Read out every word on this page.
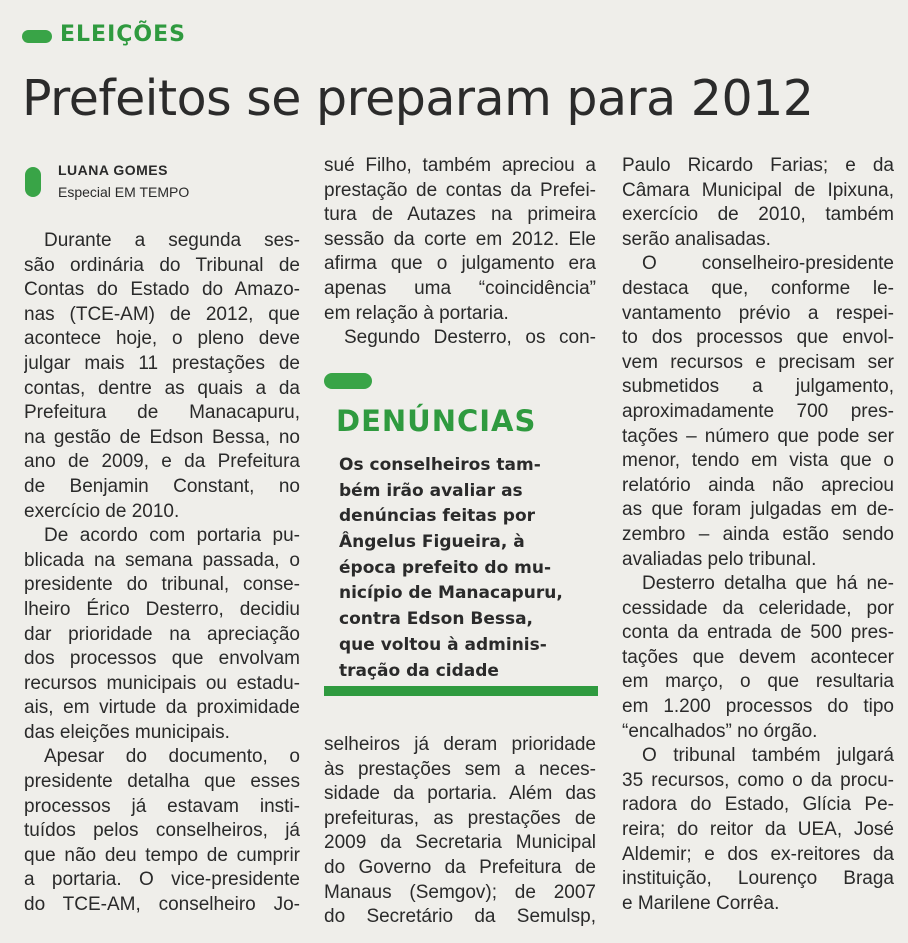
ELEIÇÕES
Prefeitos se preparam para 2012
LUANA GOMES
Especial EM TEMPO
Durante a segunda ses-
são ordinária do Tribunal de
Contas do Estado do Amazo-
nas (TCE-AM) de 2012, que
acontece hoje, o pleno deve
julgar mais 11 prestações de
contas, dentre as quais a da
Prefeitura de Manacapuru,
na gestão de Edson Bessa, no
ano de 2009, e da Prefeitura
de Benjamin Constant, no
exercício de 2010.
De acordo com portaria pu-
blicada na semana passada, o
presidente do tribunal, conse-
lheiro Érico Desterro, decidiu
dar prioridade na apreciação
dos processos que envolvam
recursos municipais ou estadu-
ais, em virtude da proximidade
das eleições municipais.
Apesar do documento, o
presidente detalha que esses
processos já estavam insti-
tuídos pelos conselheiros, já
que não deu tempo de cumprir
a portaria. O vice-presidente
do TCE-AM, conselheiro Jo-
sué Filho, também apreciou a
prestação de contas da Prefei-
tura de Autazes na primeira
sessão da corte em 2012. Ele
afirma que o julgamento era
apenas uma “coincidência”
em relação à portaria.
Segundo Desterro, os con-
DENÚNCIAS
Os conselheiros tam-
bém irão avaliar as
denúncias feitas por
Ângelus Figueira, à
época prefeito do mu-
nicípio de Manacapuru,
contra Edson Bessa,
que voltou à adminis-
tração da cidade
selheiros já deram prioridade
às prestações sem a neces-
sidade da portaria. Além das
prefeituras, as prestações de
2009 da Secretaria Municipal
do Governo da Prefeitura de
Manaus (Semgov); de 2007
do Secretário da Semulsp,
Paulo Ricardo Farias; e da
Câmara Municipal de Ipixuna,
exercício de 2010, também
serão analisadas.
O conselheiro-presidente
destaca que, conforme le-
vantamento prévio a respei-
to dos processos que envol-
vem recursos e precisam ser
submetidos a julgamento,
aproximadamente 700 pres-
tações – número que pode ser
menor, tendo em vista que o
relatório ainda não apreciou
as que foram julgadas em de-
zembro – ainda estão sendo
avaliadas pelo tribunal.
Desterro detalha que há ne-
cessidade da celeridade, por
conta da entrada de 500 pres-
tações que devem acontecer
em março, o que resultaria
em 1.200 processos do tipo
“encalhados” no órgão.
O tribunal também julgará
35 recursos, como o da procu-
radora do Estado, Glícia Pe-
reira; do reitor da UEA, José
Aldemir; e dos ex-reitores da
instituição, Lourenço Braga
e Marilene Corrêa.
